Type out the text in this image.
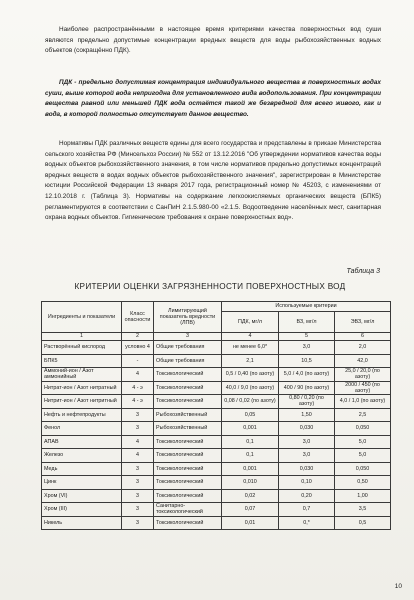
Наиболее распространёнными в настоящее время критериями качества поверхностных вод суши являются предельно допустимые концентрации вредных веществ для воды рыбохозяйственных водных объектов (сокращённо ПДК).
ПДК - предельно допустимая концентрация индивидуального вещества в поверхностных водах суши, выше которой вода непригодна для установленного вида водопользования. При концентрации вещества равной или меньшей ПДК вода остаётся такой же безвредной для всего живого, как и вода, в которой полностью отсутствует данное вещество.
Нормативы ПДК различных веществ едины для всего государства и представлены в приказе Министерства сельского хозяйства РФ (Минсельхоз России) № 552 от 13.12.2016 "Об утверждении нормативов качества воды водных объектов рыбохозяйственного значения, в том числе нормативов предельно допустимых концентраций вредных веществ в водах водных объектов рыбохозяйственного значения", зарегистрирован в Министерстве юстиции Российской Федерации 13 января 2017 года, регистрационный номер № 45203, с изменениями от 12.10.2018 г. (Таблица 3). Нормативы на содержание легкоокисляемых органических веществ (БПК5) регламентируются в соответствии с СанПиН 2.1.5.980-00 «2.1.5. Водоотведение населённых мест, санитарная охрана водных объектов. Гигиенические требования к охране поверхностных вод».
Таблица 3
КРИТЕРИИ ОЦЕНКИ ЗАГРЯЗНЕННОСТИ ПОВЕРХНОСТНЫХ ВОД
Ингредиенты и показатели	Класс опасности	Лимитирующий показатель вредности (ЛПВ)	Используемые критерии		
			ПДК, мг/л	ВЗ, мг/л	ЭВЗ, мг/л
1	2	3	4	5	6
Растворённый кислород	условно 4	Общие требования	не менее 6,0*	3,0	2,0
БПК5	-	Общие требования	2,1	10,5	42,0
Аммоний-ион / Азот аммонийный	4	Токсикологический	0,5 / 0,40 (по азоту)	5,0 / 4,0 (по азоту)	25,0 / 20,0 (по азоту)
Нитрат-ион / Азот нитратный	4 - э	Токсикологический	40,0 / 9,0 (по азоту)	400 / 90 (по азоту)	2000 / 450 (по азоту)
Нитрит-ион / Азот нитритный	4 - э	Токсикологический	0,08 / 0,02 (по азоту)	0,80 / 0,20 (по азоту)	4,0 / 1,0 (по азоту)
Нефть и нефтепродукты	3	Рыбохозяйственный	0,05	1,50	2,5
Фенол	3	Рыбохозяйственный	0,001	0,030	0,050
АПАВ	4	Токсикологический	0,1	3,0	5,0
Железо	4	Токсикологический	0,1	3,0	5,0
Медь	3	Токсикологический	0,001	0,030	0,050
Цинк	3	Токсикологический	0,010	0,10	0,50
Хром (VI)	3	Токсикологический	0,02	0,20	1,00
Хром (III)	3	Санитарно-токсикологический	0,07	0,7	3,5
Никель	3	Токсикологический	0,01	0,*	0,5
10
